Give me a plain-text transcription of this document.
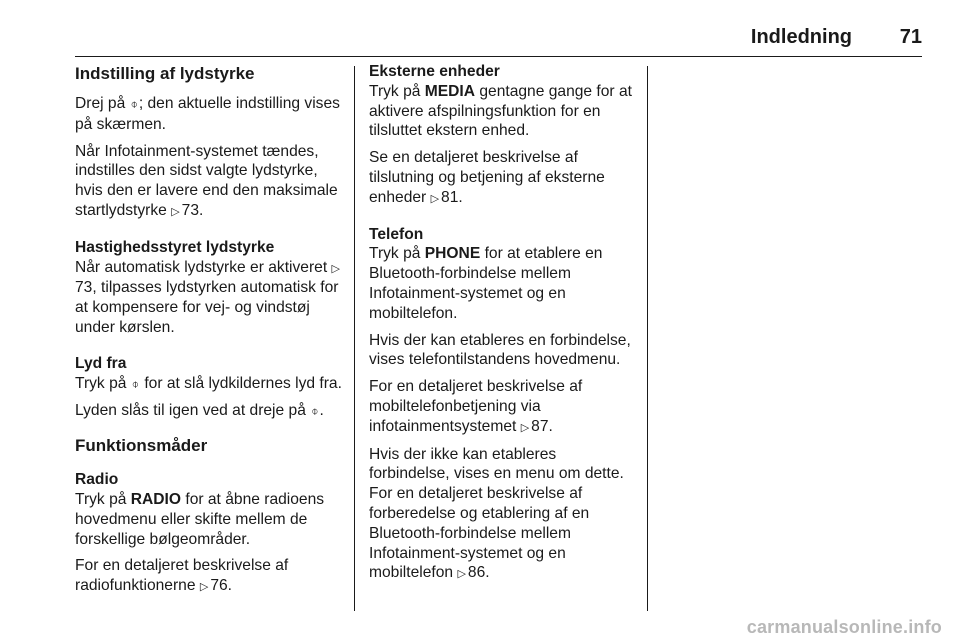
Indledning 71
Indstilling af lydstyrke

Drej på ⌽; den aktuelle indstilling vises på skærmen.

Når Infotainment-systemet tændes, indstilles den sidst valgte lydstyrke, hvis den er lavere end den maksimale startlydstyrke ▷ 73.

Hastighedsstyret lydstyrke

Når automatisk lydstyrke er aktiveret ▷73, tilpasses lydstyrken automatisk for at kompensere for vej- og vindstøj under kørslen.

Lyd fra

Tryk på ⌽ for at slå lydkildernes lyd fra.

Lyden slås til igen ved at dreje på ⌽.

Funktionsmåder
Radio

Tryk på RADIO for at åbne radioens hovedmenu eller skifte mellem de forskellige bølgeområder.

For en detaljeret beskrivelse af radiofunktionerne ▷ 76.

Eksterne enheder

Tryk på MEDIA gentagne gange for at aktivere afspilningsfunktion for en tilsluttet ekstern enhed.

Se en detaljeret beskrivelse af tilslutning og betjening af eksterne enheder ▷ 81.

Telefon

Tryk på PHONE for at etablere en Bluetooth-forbindelse mellem Infotainment-systemet og en mobiltelefon.

Hvis der kan etableres en forbindelse, vises telefontilstandens hovedmenu.

For en detaljeret beskrivelse af mobiltelefonbetjening via infotainmentsystemet ▷ 87.

Hvis der ikke kan etableres forbindelse, vises en menu om dette. For en detaljeret beskrivelse af forberedelse og etablering af en Bluetooth-forbindelse mellem Infotainment-systemet og en mobiltelefon ▷ 86.

carmanualsonline.info
